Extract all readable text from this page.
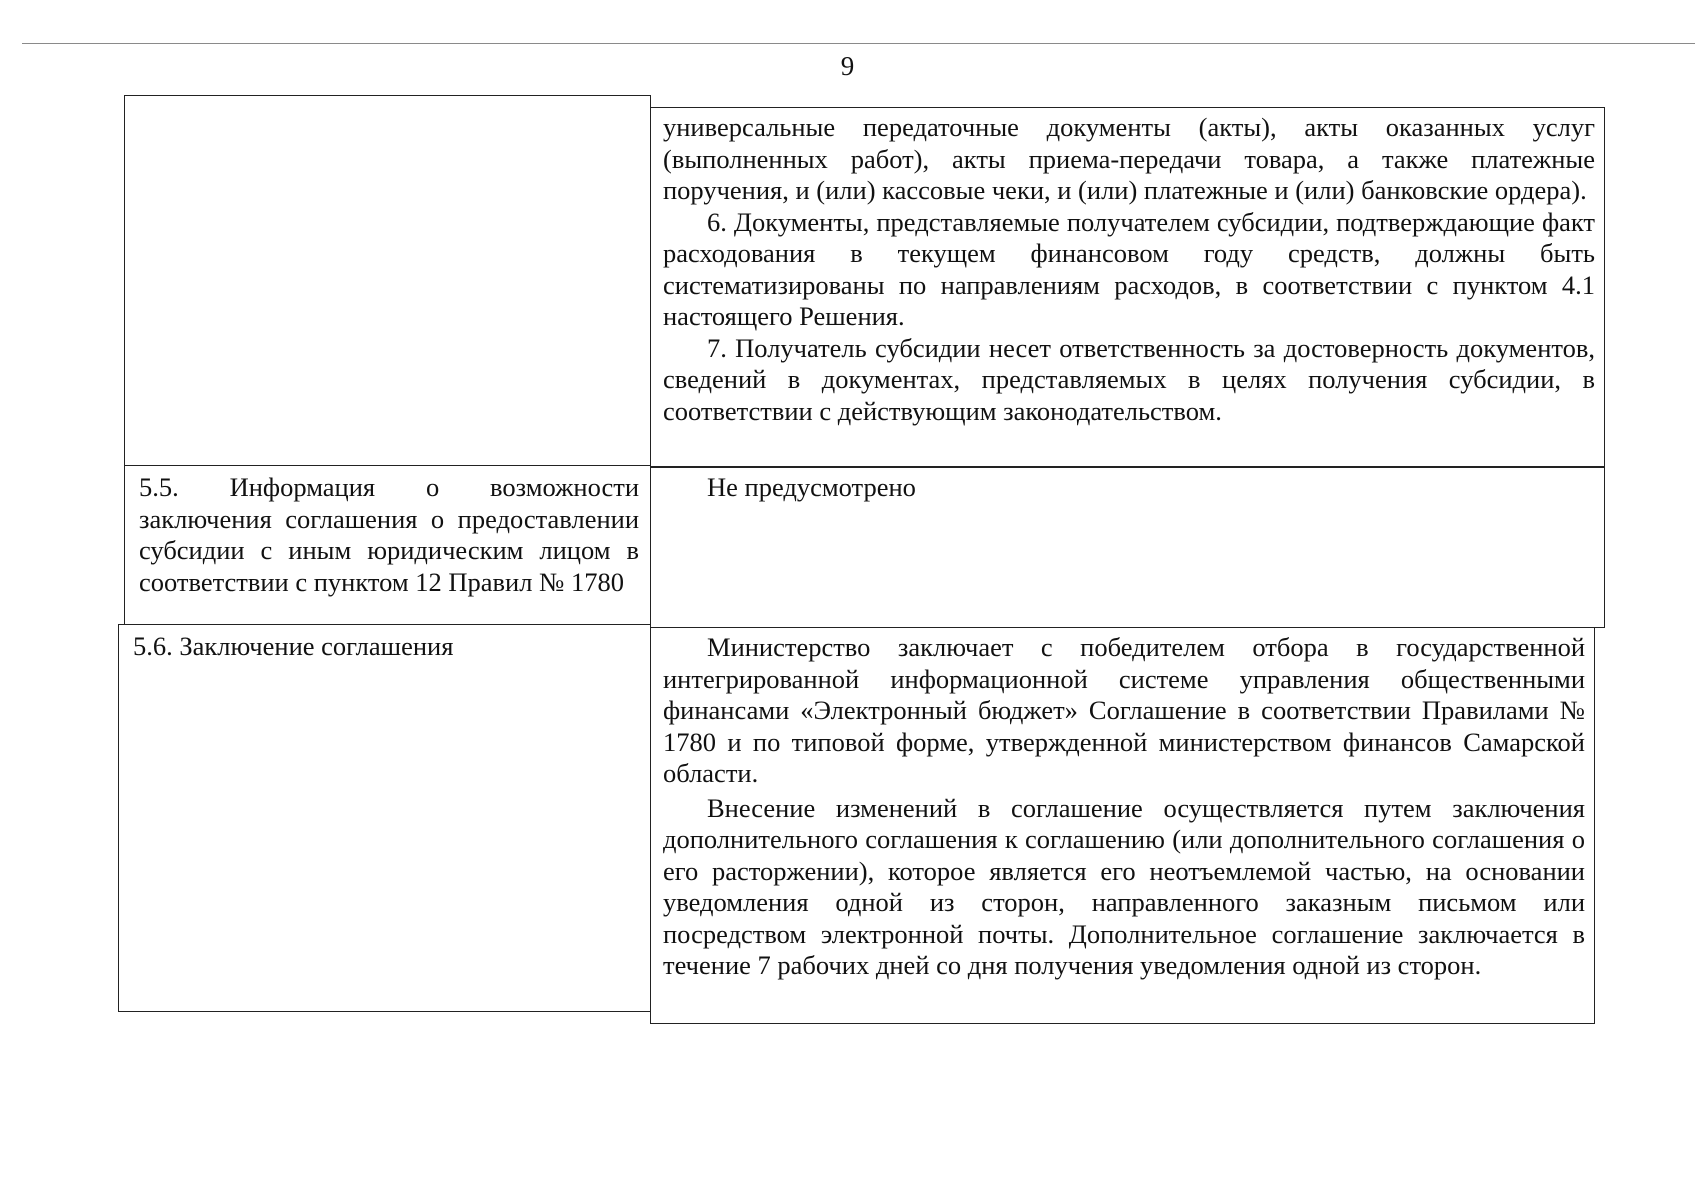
9

универсальные передаточные документы (акты), акты оказанных услуг (выполненных работ), акты приема-передачи товара, а также платежные поручения, и (или) кассовые чеки, и (или) платежные и (или) банковские ордера).

6. Документы, представляемые получателем субсидии, подтверждающие факт расходования в текущем финансовом году средств, должны быть систематизированы по направлениям расходов, в соответствии с пунктом 4.1 настоящего Решения.

7. Получатель субсидии несет ответственность за достоверность документов, сведений в документах, представляемых в целях получения субсидии, в соответствии с действующим законодательством.

5.5. Информация о возможности заключения соглашения о предоставлении субсидии с иным юридическим лицом в соответствии с пунктом 12 Правил № 1780

Не предусмотрено

5.6. Заключение соглашения	Министерство заключает с победителем отбора в государственной интегрированной информационной системе управления общественными финансами «Электронный бюджет» Соглашение в соответствии Правилами № 1780 и по типовой форме, утвержденной министерством финансов Самарской области.

Внесение изменений в соглашение осуществляется путем заключения дополнительного соглашения к соглашению (или дополнительного соглашения о его расторжении), которое является его неотъемлемой частью, на основании уведомления одной из сторон, направленного заказным письмом или посредством электронной почты. Дополнительное соглашение заключается в течение 7 рабочих дней со дня получения уведомления одной из сторон.
